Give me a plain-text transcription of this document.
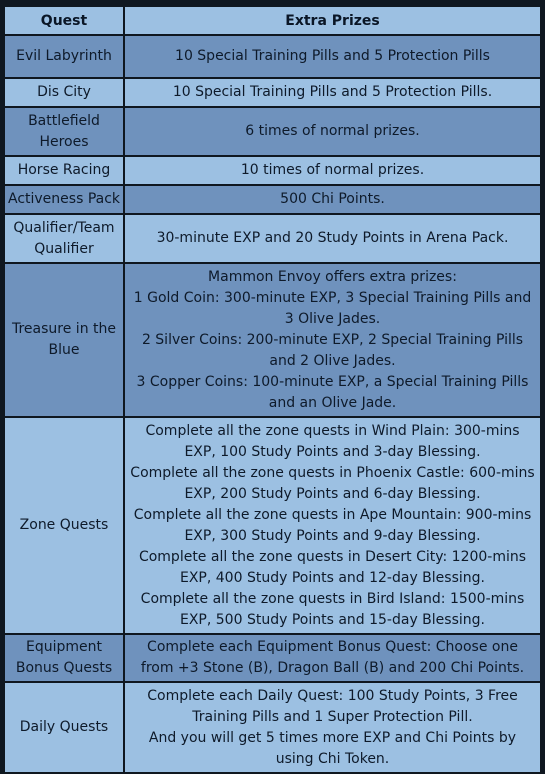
Quest	Extra Prizes
Evil Labyrinth	10 Special Training Pills and 5 Protection Pills

Dis City	10 Special Training Pills and 5 Protection Pills.

Battlefield Heroes	6 times of normal prizes.

Horse Racing	10 times of normal prizes.

Activeness Pack	500 Chi Points.

Qualifier/Team Qualifier	30-minute EXP and 20 Study Points in Arena Pack.

Treasure in the Blue	Mammon Envoy offers extra prizes:
1 Gold Coin: 300-minute EXP, 3 Special Training Pills and 3 Olive Jades.
2 Silver Coins: 200-minute EXP, 2 Special Training Pills and 2 Olive Jades.
3 Copper Coins: 100-minute EXP, a Special Training Pills and an Olive Jade.

Zone Quests	Complete all the zone quests in Wind Plain: 300-mins EXP, 100 Study Points and 3-day Blessing.
Complete all the zone quests in Phoenix Castle: 600-mins EXP, 200 Study Points and 6-day Blessing.
Complete all the zone quests in Ape Mountain: 900-mins EXP, 300 Study Points and 9-day Blessing.
Complete all the zone quests in Desert City: 1200-mins EXP, 400 Study Points and 12-day Blessing.
Complete all the zone quests in Bird Island: 1500-mins EXP, 500 Study Points and 15-day Blessing.

Equipment Bonus Quests	Complete each Equipment Bonus Quest: Choose one from +3 Stone (B), Dragon Ball (B) and 200 Chi Points.

Daily Quests	Complete each Daily Quest: 100 Study Points, 3 Free Training Pills and 1 Super Protection Pill.
And you will get 5 times more EXP and Chi Points by using Chi Token.
